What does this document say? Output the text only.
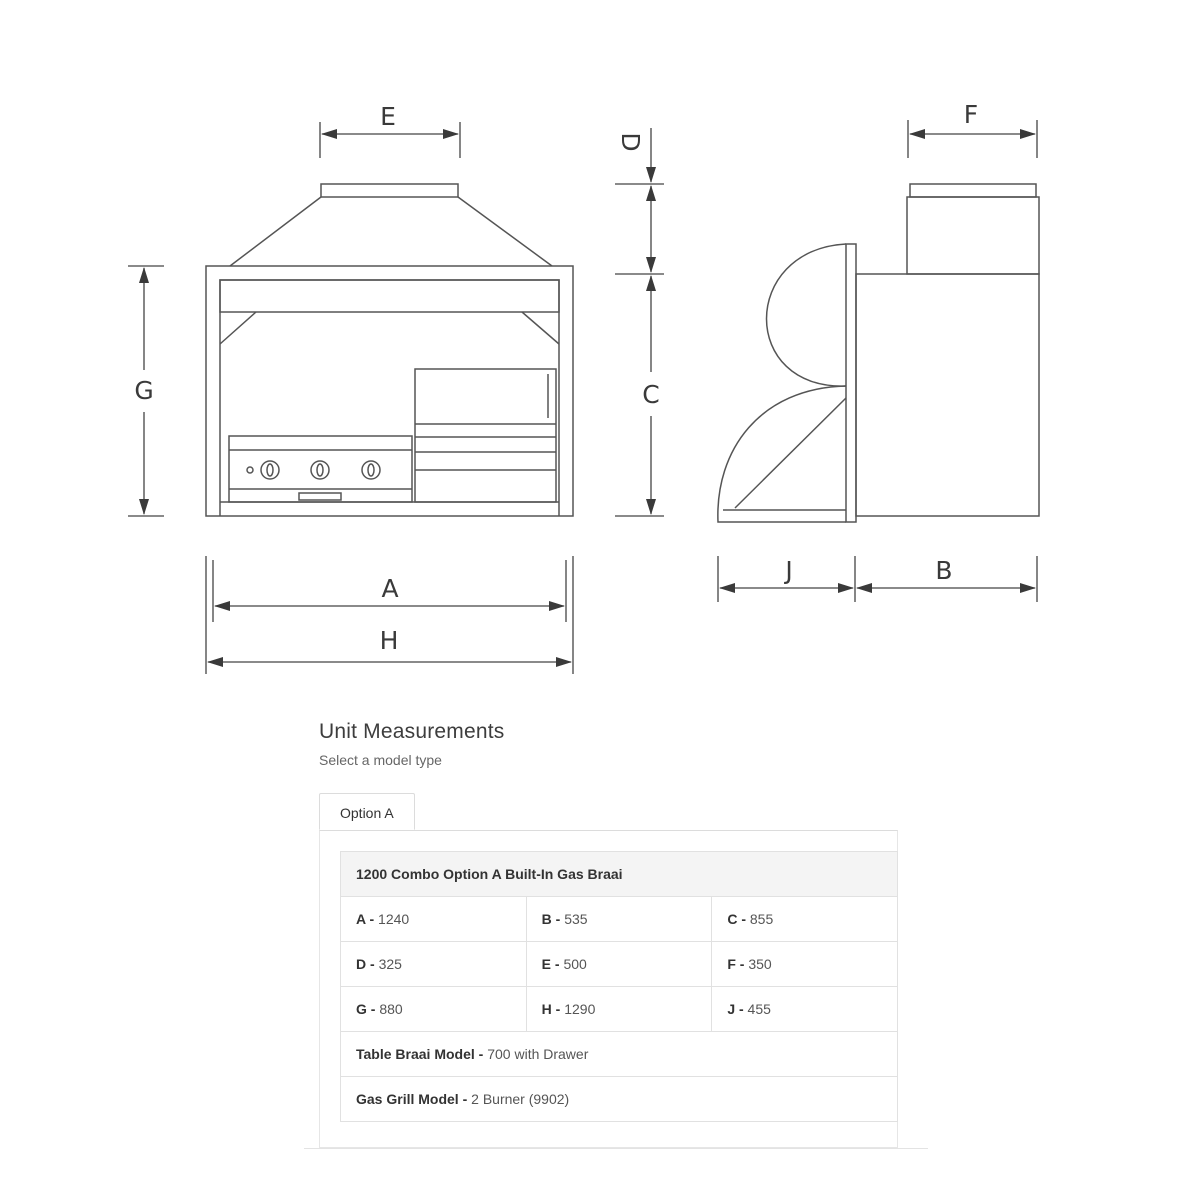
E
G
A
H
D
C
F
J	B
Unit Measurements
Select a model type
Option A
1200 Combo Option A Built-In Gas Braai		
A - 1240	B - 535	C - 855
D - 325	E - 500	F - 350
G - 880	H - 1290	J - 455
Table Braai Model - 700 with Drawer		
Gas Grill Model - 2 Burner (9902)		
